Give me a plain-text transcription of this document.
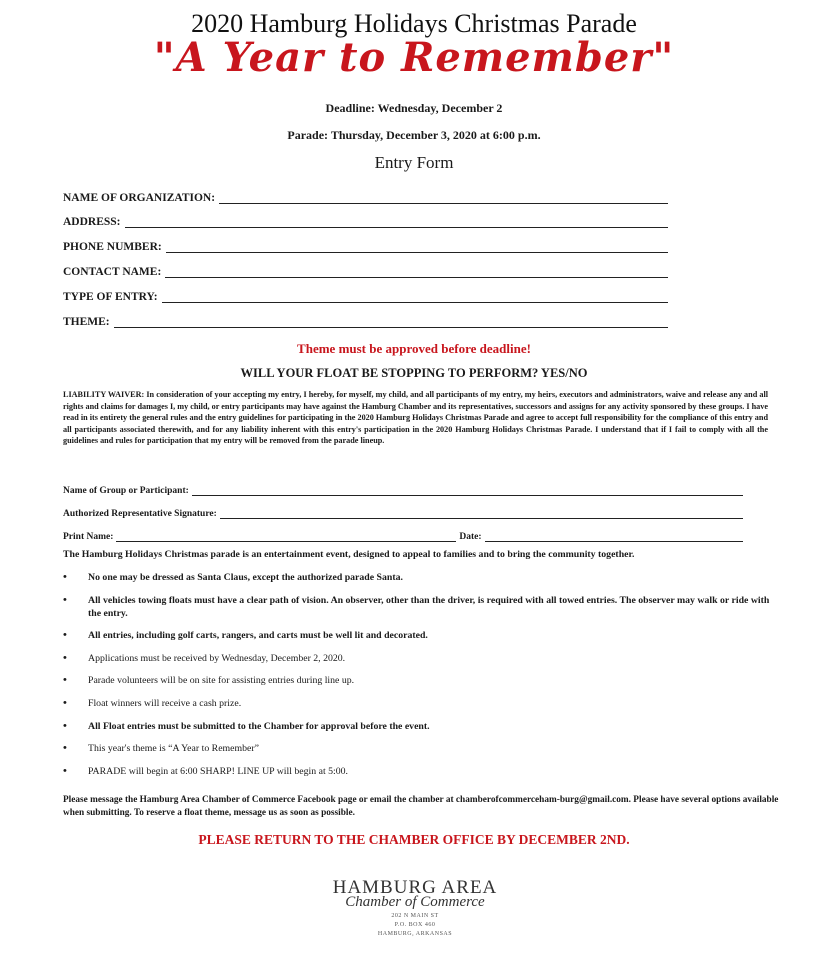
2020 Hamburg Holidays Christmas Parade
"A Year to Remember"
Deadline: Wednesday, December 2
Parade: Thursday, December 3, 2020 at 6:00 p.m.
Entry Form
NAME OF ORGANIZATION:
ADDRESS:
PHONE NUMBER:
CONTACT NAME:
TYPE OF ENTRY:
THEME:
Theme must be approved before deadline!
WILL YOUR FLOAT BE STOPPING TO PERFORM? YES/NO
LIABILITY WAIVER: In consideration of your accepting my entry, I hereby, for myself, my child, and all participants of my entry, my heirs, executors and administrators, waive and release any and all rights and claims for damages I, my child, or entry participants may have against the Hamburg Chamber and its representatives, successors and assigns for any activity sponsored by these groups. I have read in its entirety the general rules and the entry guidelines for participating in the 2020 Hamburg Holidays Christmas Parade and agree to accept full responsibility for the compliance of this entry and all participants associated therewith, and for any liability inherent with this entry's participation in the 2020 Hamburg Holidays Christmas Parade. I understand that if I fail to comply with all the guidelines and rules for participation that my entry will be removed from the parade lineup.
Name of Group or Participant:
Authorized Representative Signature:
Print Name:	Date:
The Hamburg Holidays Christmas parade is an entertainment event, designed to appeal to families and to bring the community together.
• No one may be dressed as Santa Claus, except the authorized parade Santa.
• All vehicles towing floats must have a clear path of vision. An observer, other than the driver, is required with all towed entries. The observer may walk or ride with the entry.
• All entries, including golf carts, rangers, and carts must be well lit and decorated.
• Applications must be received by Wednesday, December 2, 2020.
• Parade volunteers will be on site for assisting entries during line up.
• Float winners will receive a cash prize.
• All Float entries must be submitted to the Chamber for approval before the event.
• This year's theme is “A Year to Remember”
• PARADE will begin at 6:00 SHARP! LINE UP will begin at 5:00.
Please message the Hamburg Area Chamber of Commerce Facebook page or email the chamber at chamberofcommerceham-burg@gmail.com. Please have several options available when submitting. To reserve a float theme, message us as soon as possible.
PLEASE RETURN TO THE CHAMBER OFFICE BY DECEMBER 2ND.
HAMBURG AREA
Chamber of Commerce
202 N MAIN ST
P.O. BOX 460
HAMBURG, ARKANSAS
